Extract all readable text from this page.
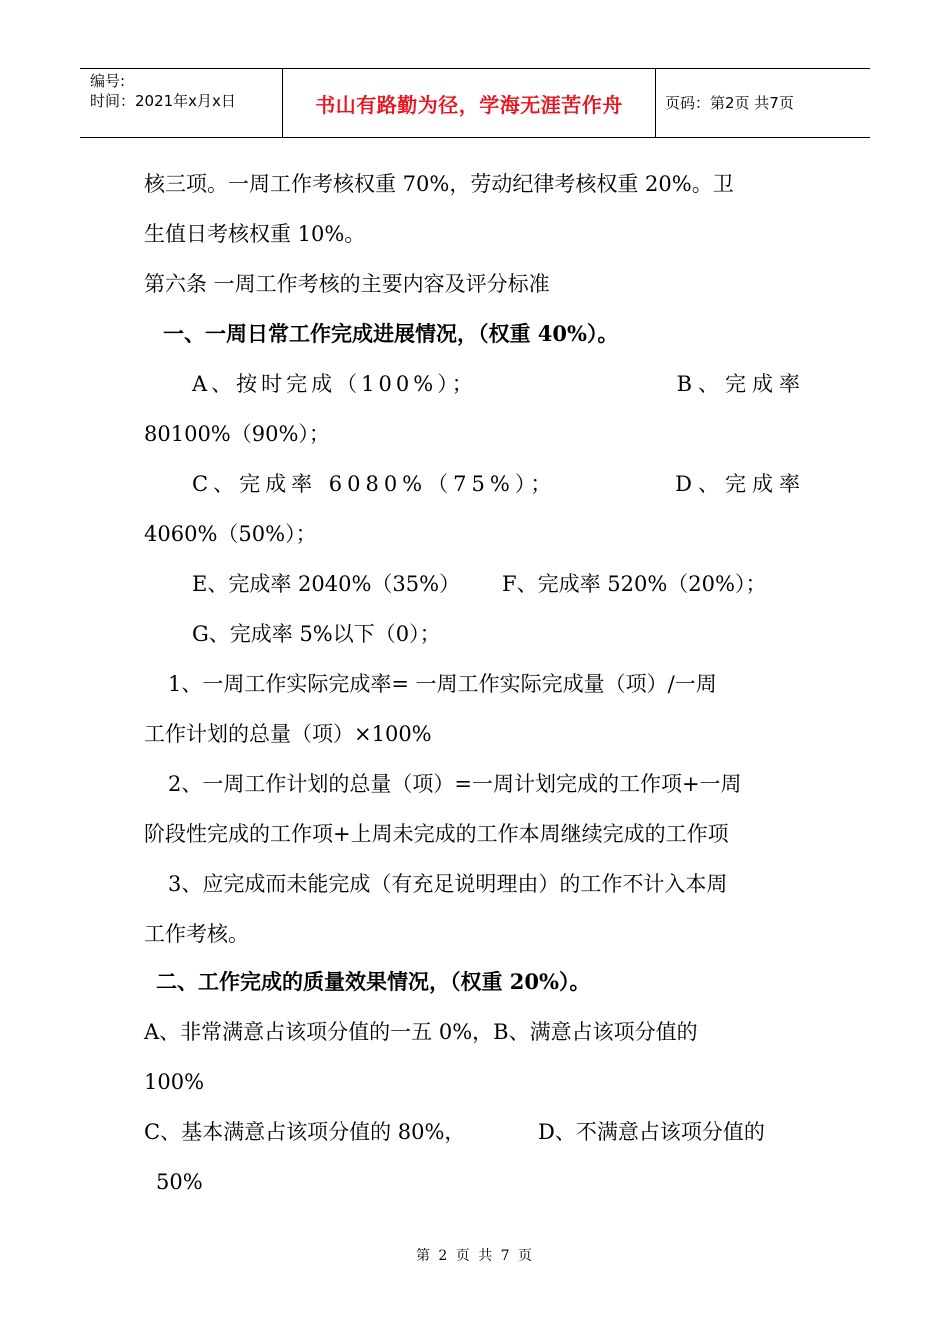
编号:
时间：2021年x月x日	书山有路勤为径，学海无涯苦作舟	页码：第2页 共7页
核三项。一周工作考核权重 70%，劳动纪律考核权重 20%。卫
生值日考核权重 10%。
第六条 一周工作考核的主要内容及评分标准
一、一周日常工作完成进展情况，（权重 40%）。
A、按时完成（100%）；	B、完成率
80100%（90%）；
C、完成率 6080%（75%）；	D、完成率
4060%（50%）；
E、完成率 2040%（35%） F、完成率 520%（20%）；
G、完成率 5%以下（0）；
1、一周工作实际完成率= 一周工作实际完成量（项）/一周
工作计划的总量（项）×100%
2、一周工作计划的总量（项）=一周计划完成的工作项+一周
阶段性完成的工作项+上周未完成的工作本周继续完成的工作项
3、应完成而未能完成（有充足说明理由）的工作不计入本周
工作考核。
二、工作完成的质量效果情况，（权重 20%）。
A、非常满意占该项分值的一五 0%，B、满意占该项分值的
100%
C、基本满意占该项分值的 80%，	D、不满意占该项分值的
50%
第 2 页 共 7 页
